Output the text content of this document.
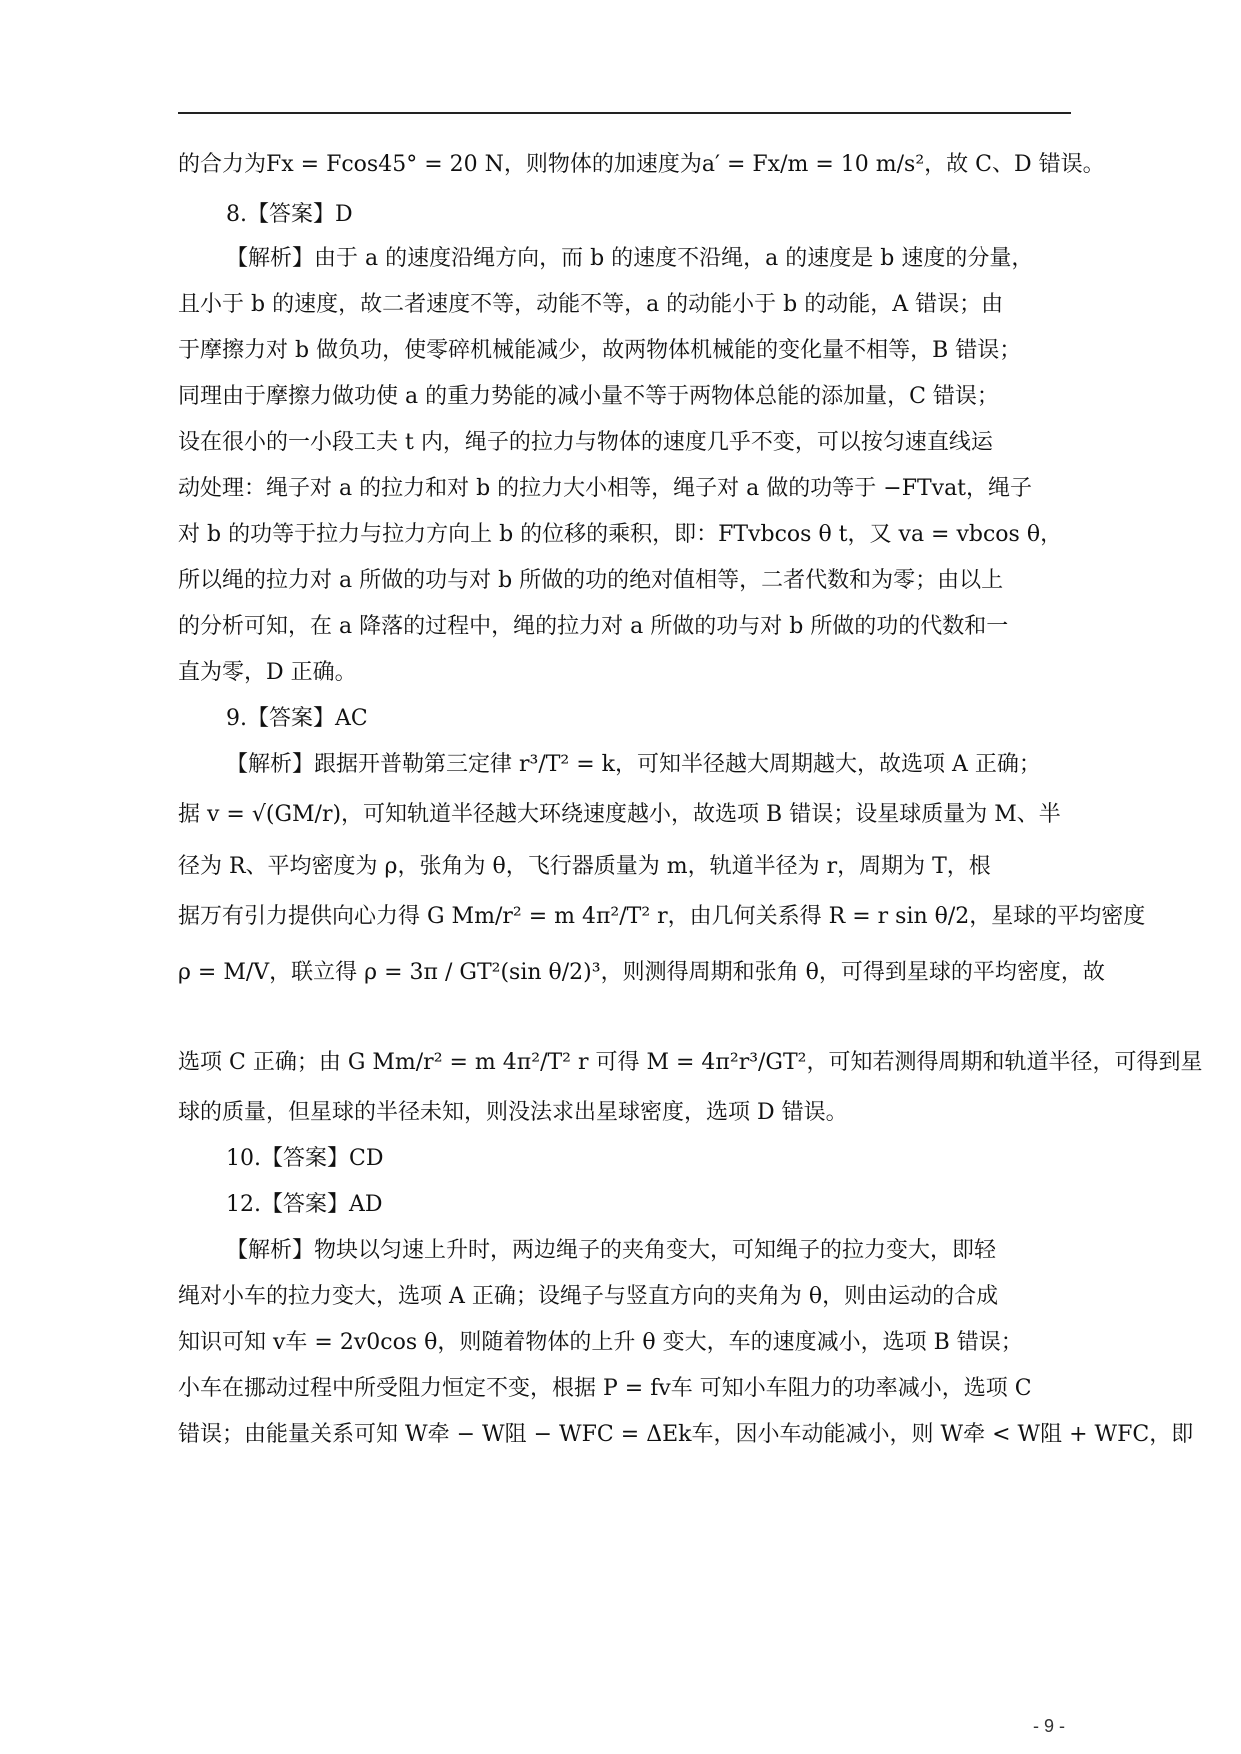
的合力为Fx = Fcos45° = 20 N，则物体的加速度为a′ = Fx/m = 10 m/s²，故 C、D 错误。
8.【答案】D
【解析】由于 a 的速度沿绳方向，而 b 的速度不沿绳，a 的速度是 b 速度的分量，
且小于 b 的速度，故二者速度不等，动能不等，a 的动能小于 b 的动能，A 错误；由
于摩擦力对 b 做负功，使零碎机械能减少，故两物体机械能的变化量不相等，B 错误；
同理由于摩擦力做功使 a 的重力势能的减小量不等于两物体总能的添加量，C 错误；
设在很小的一小段工夫 t 内，绳子的拉力与物体的速度几乎不变，可以按匀速直线运
动处理：绳子对 a 的拉力和对 b 的拉力大小相等，绳子对 a 做的功等于 −FTvat，绳子
对 b 的功等于拉力与拉力方向上 b 的位移的乘积，即：FTvbcos θ t，又 va = vbcos θ，
所以绳的拉力对 a 所做的功与对 b 所做的功的绝对值相等，二者代数和为零；由以上
的分析可知，在 a 降落的过程中，绳的拉力对 a 所做的功与对 b 所做的功的代数和一
直为零，D 正确。
9.【答案】AC
【解析】跟据开普勒第三定律 r³/T² = k，可知半径越大周期越大，故选项 A 正确；
据 v = √(GM/r)，可知轨道半径越大环绕速度越小，故选项 B 错误；设星球质量为 M、半
径为 R、平均密度为 ρ，张角为 θ，飞行器质量为 m，轨道半径为 r，周期为 T，根
据万有引力提供向心力得 G Mm/r² = m 4π²/T² r，由几何关系得 R = r sin θ/2，星球的平均密度
ρ = M/V，联立得 ρ = 3π / GT²(sin θ/2)³，则测得周期和张角 θ，可得到星球的平均密度，故
选项 C 正确；由 G Mm/r² = m 4π²/T² r 可得 M = 4π²r³/GT²，可知若测得周期和轨道半径，可得到星
球的质量，但星球的半径未知，则没法求出星球密度，选项 D 错误。
10.【答案】CD
12.【答案】AD
【解析】物块以匀速上升时，两边绳子的夹角变大，可知绳子的拉力变大，即轻
绳对小车的拉力变大，选项 A 正确；设绳子与竖直方向的夹角为 θ，则由运动的合成
知识可知 v车 = 2v0cos θ，则随着物体的上升 θ 变大，车的速度减小，选项 B 错误；
小车在挪动过程中所受阻力恒定不变，根据 P = fv车 可知小车阻力的功率减小，选项 C
错误；由能量关系可知 W牵 − W阻 − WFC = ΔEk车，因小车动能减小，则 W牵 < W阻 + WFC，即
- 9 -
